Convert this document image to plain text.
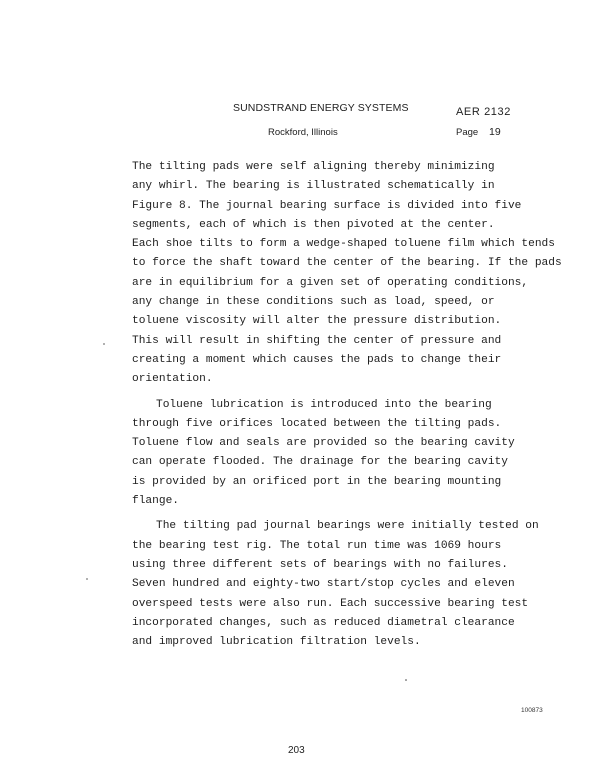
SUNDSTRAND ENERGY SYSTEMS
Rockford, Illinois
AER 2132
Page 19
The tilting pads were self aligning thereby minimizing
any whirl. The bearing is illustrated schematically in
Figure 8. The journal bearing surface is divided into five
segments, each of which is then pivoted at the center.
Each shoe tilts to form a wedge-shaped toluene film which tends
to force the shaft toward the center of the bearing. If the pads
are in equilibrium for a given set of operating conditions,
any change in these conditions such as load, speed, or
toluene viscosity will alter the pressure distribution.
This will result in shifting the center of pressure and
creating a moment which causes the pads to change their
orientation.
Toluene lubrication is introduced into the bearing
through five orifices located between the tilting pads.
Toluene flow and seals are provided so the bearing cavity
can operate flooded. The drainage for the bearing cavity
is provided by an orificed port in the bearing mounting
flange.
The tilting pad journal bearings were initially tested on
the bearing test rig. The total run time was 1069 hours
using three different sets of bearings with no failures.
Seven hundred and eighty-two start/stop cycles and eleven
overspeed tests were also run. Each successive bearing test
incorporated changes, such as reduced diametral clearance
and improved lubrication filtration levels.
100873
203
